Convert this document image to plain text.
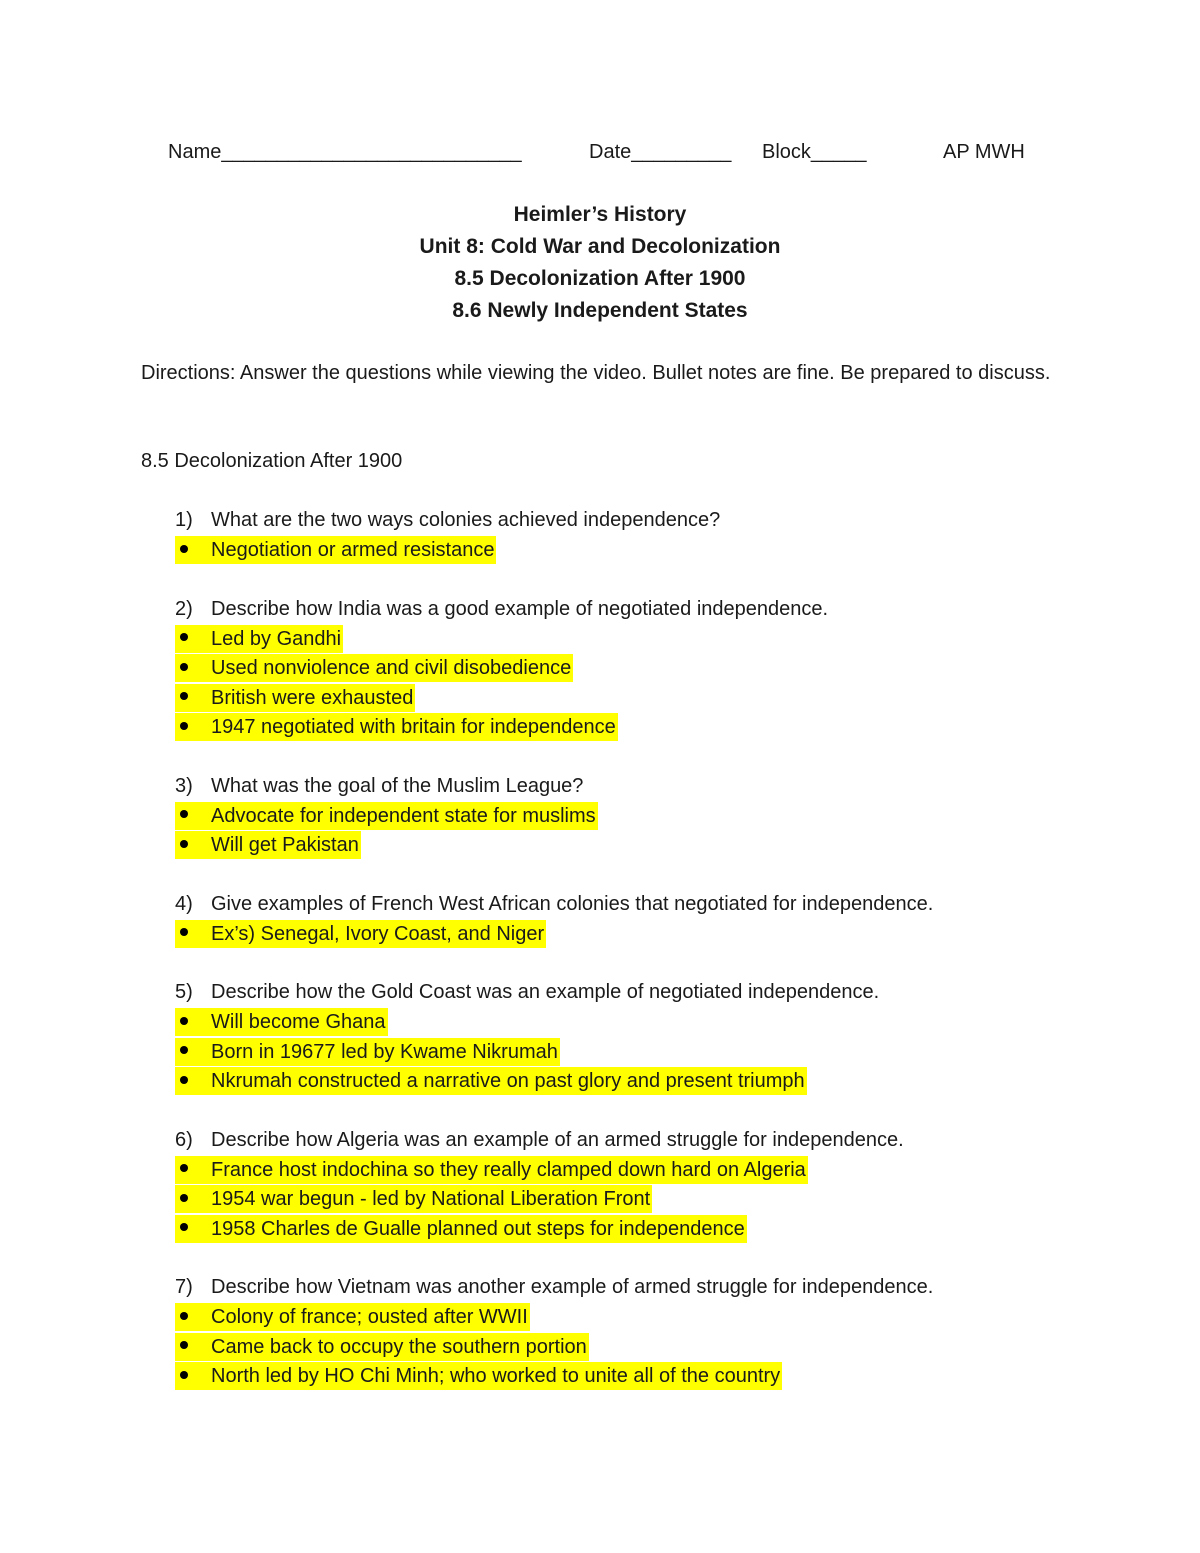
Name___________________________	Date_________ Block_____	AP MWH
Heimler’s History
Unit 8: Cold War and Decolonization
8.5 Decolonization After 1900
8.6 Newly Independent States
Directions: Answer the questions while viewing the video. Bullet notes are fine. Be prepared to discuss.
8.5 Decolonization After 1900
1) What are the two ways colonies achieved independence?
Negotiation or armed resistance
2) Describe how India was a good example of negotiated independence.
Led by Gandhi
Used nonviolence and civil disobedience
British were exhausted
1947 negotiated with britain for independence
3) What was the goal of the Muslim League?
Advocate for independent state for muslims
Will get Pakistan
4) Give examples of French West African colonies that negotiated for independence.
Ex’s) Senegal, Ivory Coast, and Niger
5) Describe how the Gold Coast was an example of negotiated independence.
Will become Ghana
Born in 19677 led by Kwame Nikrumah
Nkrumah constructed a narrative on past glory and present triumph
6) Describe how Algeria was an example of an armed struggle for independence.
France host indochina so they really clamped down hard on Algeria
1954 war begun - led by National Liberation Front
1958 Charles de Gualle planned out steps for independence
7) Describe how Vietnam was another example of armed struggle for independence.
Colony of france; ousted after WWII
Came back to occupy the southern portion
North led by HO Chi Minh; who worked to unite all of the country
